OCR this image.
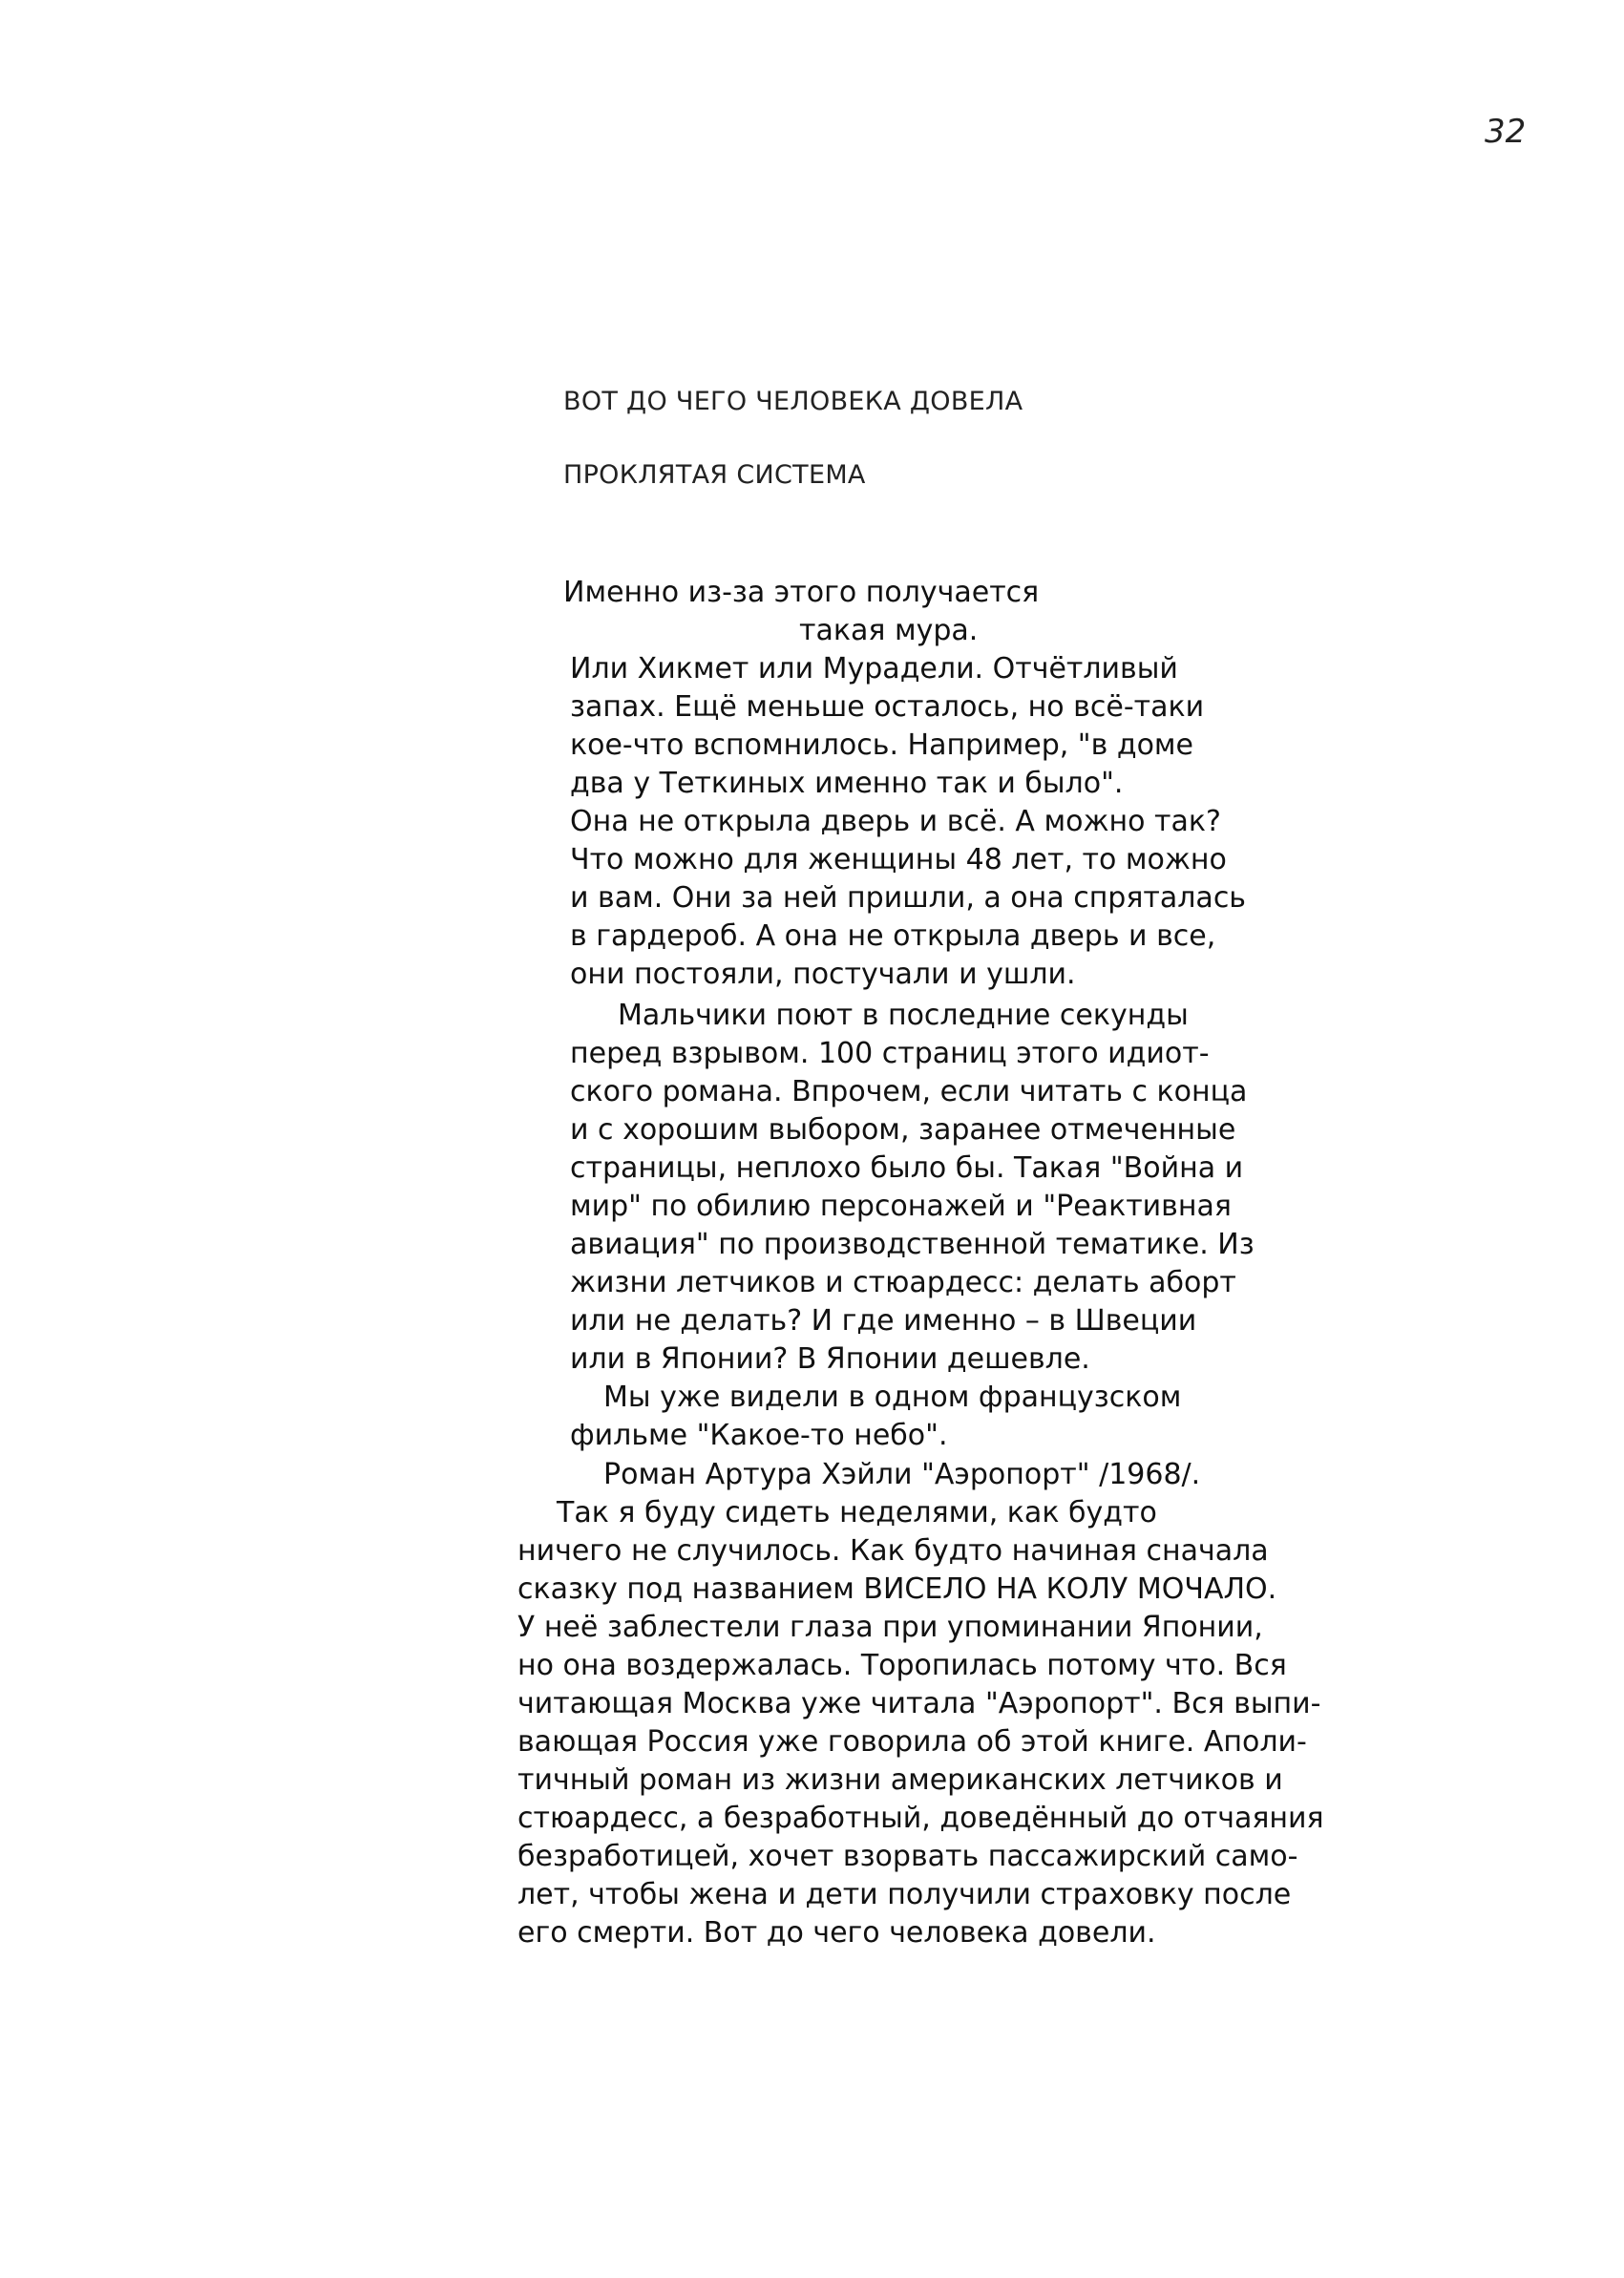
32
ВОТ ДО ЧЕГО ЧЕЛОВЕКА ДОВЕЛА
ПРОКЛЯТАЯ СИСТЕМА
Именно из-за этого получается
такая мура.
Или Хикмет или Мурадели. Отчётливый
запах. Ещё меньше осталось, но всё-таки
кое-что вспомнилось. Например, "в доме
два у Теткиных именно так и было".
Она не открыла дверь и всё. А можно так?
Что можно для женщины 48 лет, то можно
и вам. Они за ней пришли, а она спряталась
в гардероб. А она не открыла дверь и все,
они постояли, постучали и ушли.
Мальчики поют в последние секунды
перед взрывом. 100 страниц этого идиот-
ского романа. Впрочем, если читать с конца
и с хорошим выбором, заранее отмеченные
страницы, неплохо было бы. Такая "Война и
мир" по обилию персонажей и "Реактивная
авиация" по производственной тематике. Из
жизни летчиков и стюардесс: делать аборт
или не делать? И где именно – в Швеции
или в Японии? В Японии дешевле.
Мы уже видели в одном французском
фильме "Какое-то небо".
Роман Артура Хэйли "Аэропорт" /1968/.
Так я буду сидеть неделями, как будто
ничего не случилось. Как будто начиная сначала
сказку под названием ВИСЕЛО НА КОЛУ МОЧАЛО.
У неё заблестели глаза при упоминании Японии,
но она воздержалась. Торопилась потому что. Вся
читающая Москва уже читала "Аэропорт". Вся выпи-
вающая Россия уже говорила об этой книге. Аполи-
тичный роман из жизни американских летчиков и
стюардесс, а безработный, доведённый до отчаяния
безработицей, хочет взорвать пассажирский само-
лет, чтобы жена и дети получили страховку после
его смерти. Вот до чего человека довели.
